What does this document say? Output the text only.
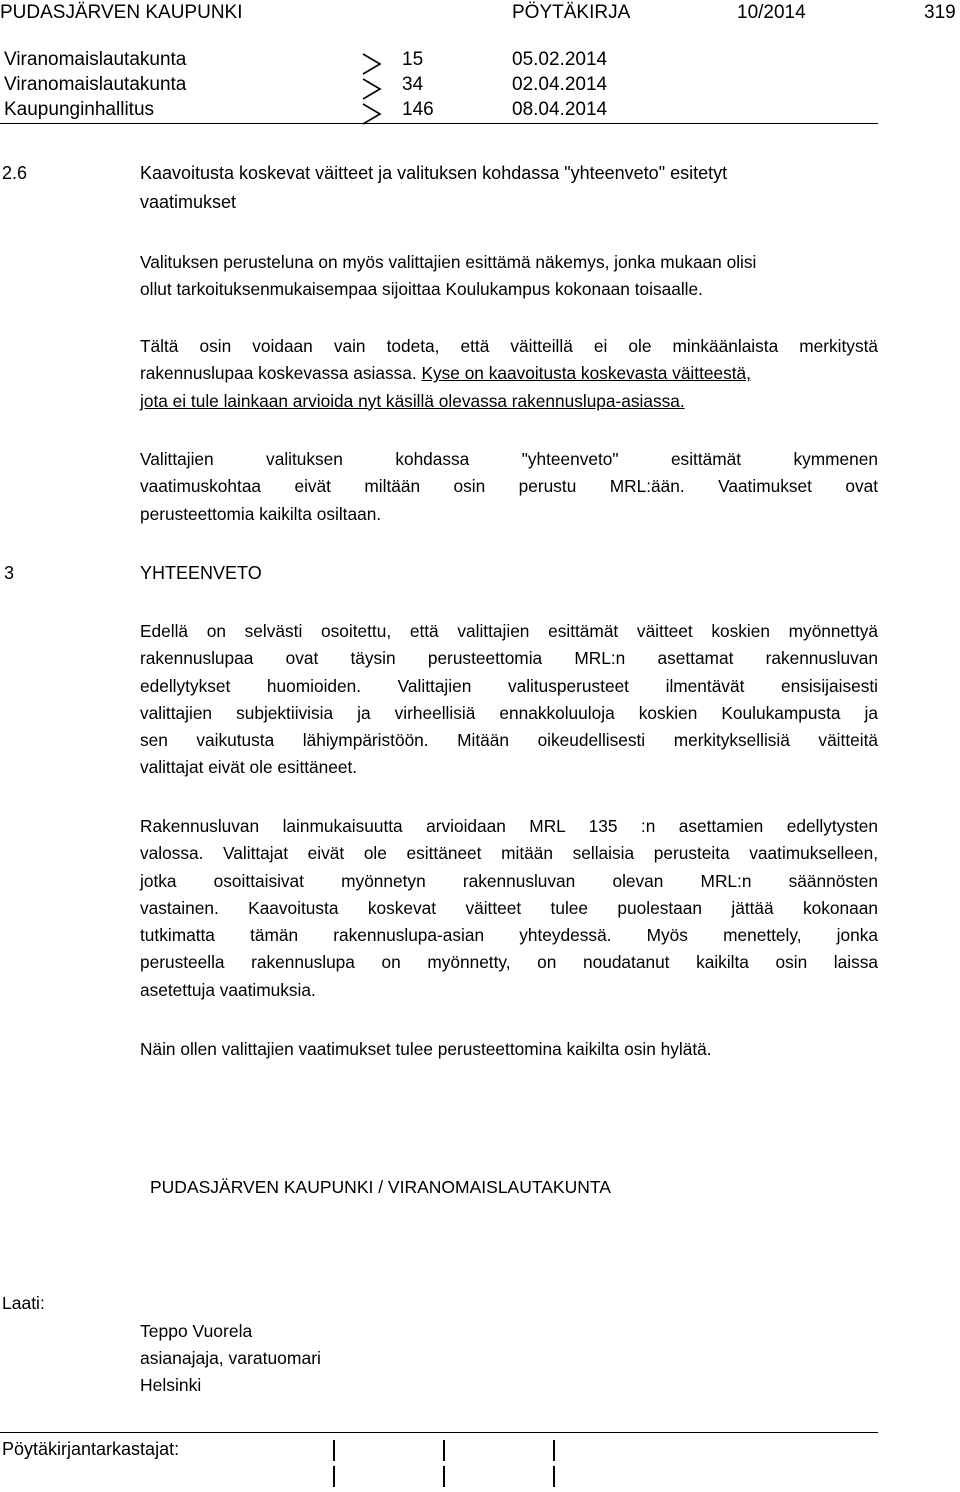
PUDASJÄRVEN KAUPUNKI	PÖYTÄKIRJA	10/2014	319
Viranomaislautakunta	15	05.02.2014
Viranomaislautakunta	34	02.04.2014
Kaupunginhallitus	146	08.04.2014
2.6	Kaavoitusta koskevat väitteet ja valituksen kohdassa "yhteenveto" esitetyt
vaatimukset
Valituksen perusteluna on myös valittajien esittämä näkemys, jonka mukaan olisi
ollut tarkoituksenmukaisempaa sijoittaa Koulukampus kokonaan toisaalle.
Tältä osin voidaan vain todeta, että väitteillä ei ole minkäänlaista merkitystä
rakennuslupaa koskevassa asiassa. Kyse on kaavoitusta koskevasta väitteestä,
jota ei tule lainkaan arvioida nyt käsillä olevassa rakennuslupa-asiassa.
Valittajien valituksen kohdassa "yhteenveto" esittämät kymmenen
vaatimuskohtaa eivät miltään osin perustu MRL:ään. Vaatimukset ovat
perusteettomia kaikilta osiltaan.
3	YHTEENVETO
Edellä on selvästi osoitettu, että valittajien esittämät väitteet koskien myönnettyä
rakennuslupaa ovat täysin perusteettomia MRL:n asettamat rakennusluvan
edellytykset huomioiden. Valittajien valitusperusteet ilmentävät ensisijaisesti
valittajien subjektiivisia ja virheellisiä ennakkoluuloja koskien Koulukampusta ja
sen vaikutusta lähiympäristöön. Mitään oikeudellisesti merkityksellisiä väitteitä
valittajat eivät ole esittäneet.
Rakennusluvan lainmukaisuutta arvioidaan MRL 135 :n asettamien edellytysten
valossa. Valittajat eivät ole esittäneet mitään sellaisia perusteita vaatimukselleen,
jotka osoittaisivat myönnetyn rakennusluvan olevan MRL:n säännösten
vastainen. Kaavoitusta koskevat väitteet tulee puolestaan jättää kokonaan
tutkimatta tämän rakennuslupa-asian yhteydessä. Myös menettely, jonka
perusteella rakennuslupa on myönnetty, on noudatanut kaikilta osin laissa
asetettuja vaatimuksia.
Näin ollen valittajien vaatimukset tulee perusteettomina kaikilta osin hylätä.
PUDASJÄRVEN KAUPUNKI / VIRANOMAISLAUTAKUNTA
Laati:
Teppo Vuorela
asianajaja, varatuomari
Helsinki
Pöytäkirjantarkastajat:
